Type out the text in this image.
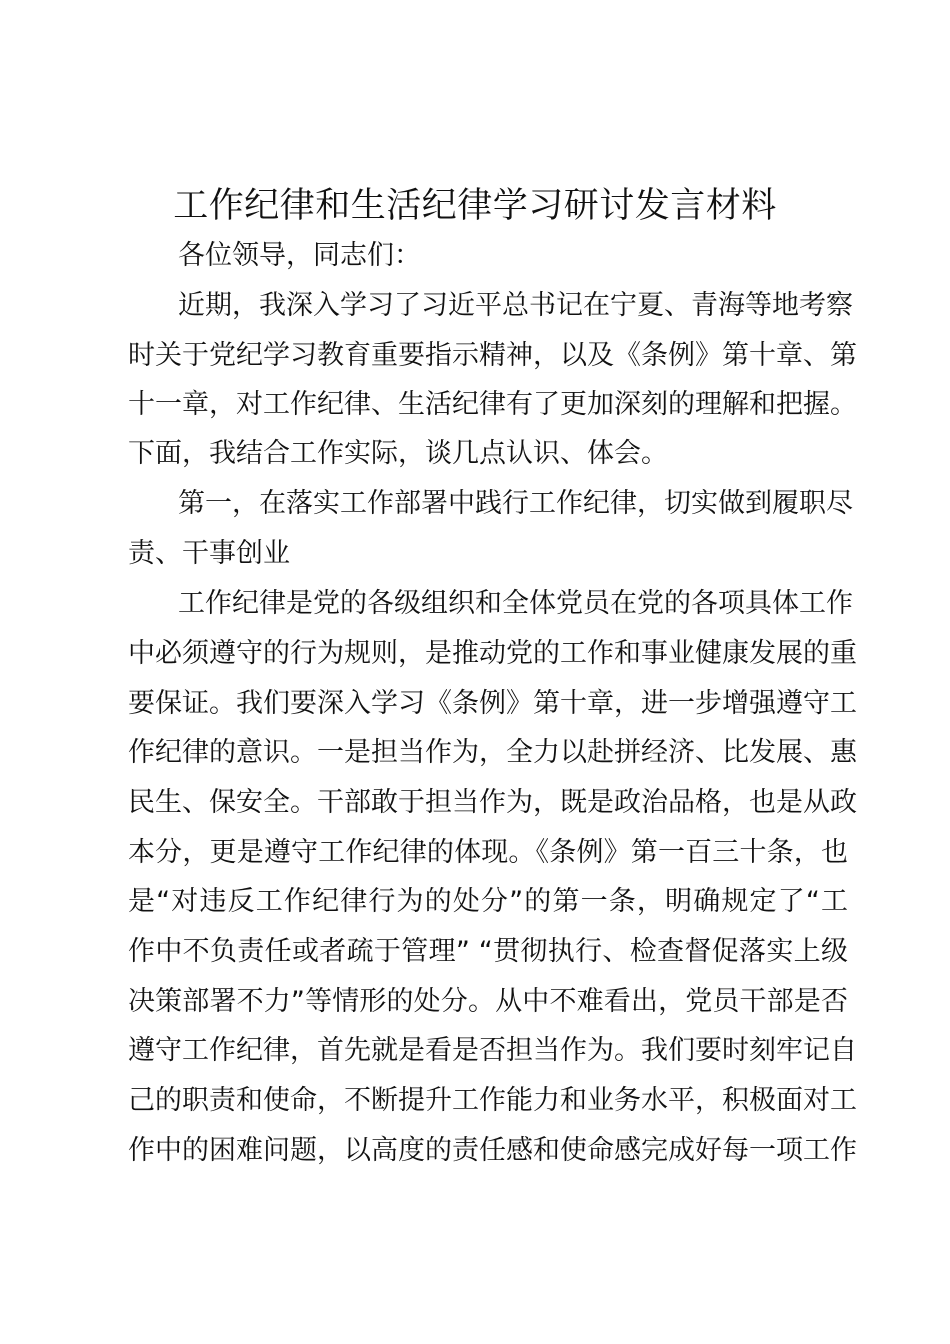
工作纪律和生活纪律学习研讨发言材料
各位领导，同志们：
近期，我深入学习了习近平总书记在宁夏、青海等地考察
时关于党纪学习教育重要指示精神，以及《条例》第十章、第
十一章，对工作纪律、生活纪律有了更加深刻的理解和把握。
下面，我结合工作实际，谈几点认识、体会。
第一，在落实工作部署中践行工作纪律，切实做到履职尽
责、干事创业
工作纪律是党的各级组织和全体党员在党的各项具体工作
中必须遵守的行为规则，是推动党的工作和事业健康发展的重
要保证。我们要深入学习《条例》第十章，进一步增强遵守工
作纪律的意识。一是担当作为，全力以赴拼经济、比发展、惠
民生、保安全。干部敢于担当作为，既是政治品格，也是从政
本分，更是遵守工作纪律的体现。《条例》第一百三十条，也
是“对违反工作纪律行为的处分”的第一条，明确规定了“工
作中不负责任或者疏于管理” “贯彻执行、检查督促落实上级
决策部署不力”等情形的处分。从中不难看出，党员干部是否
遵守工作纪律，首先就是看是否担当作为。我们要时刻牢记自
己的职责和使命，不断提升工作能力和业务水平，积极面对工
作中的困难问题，以高度的责任感和使命感完成好每一项工作
